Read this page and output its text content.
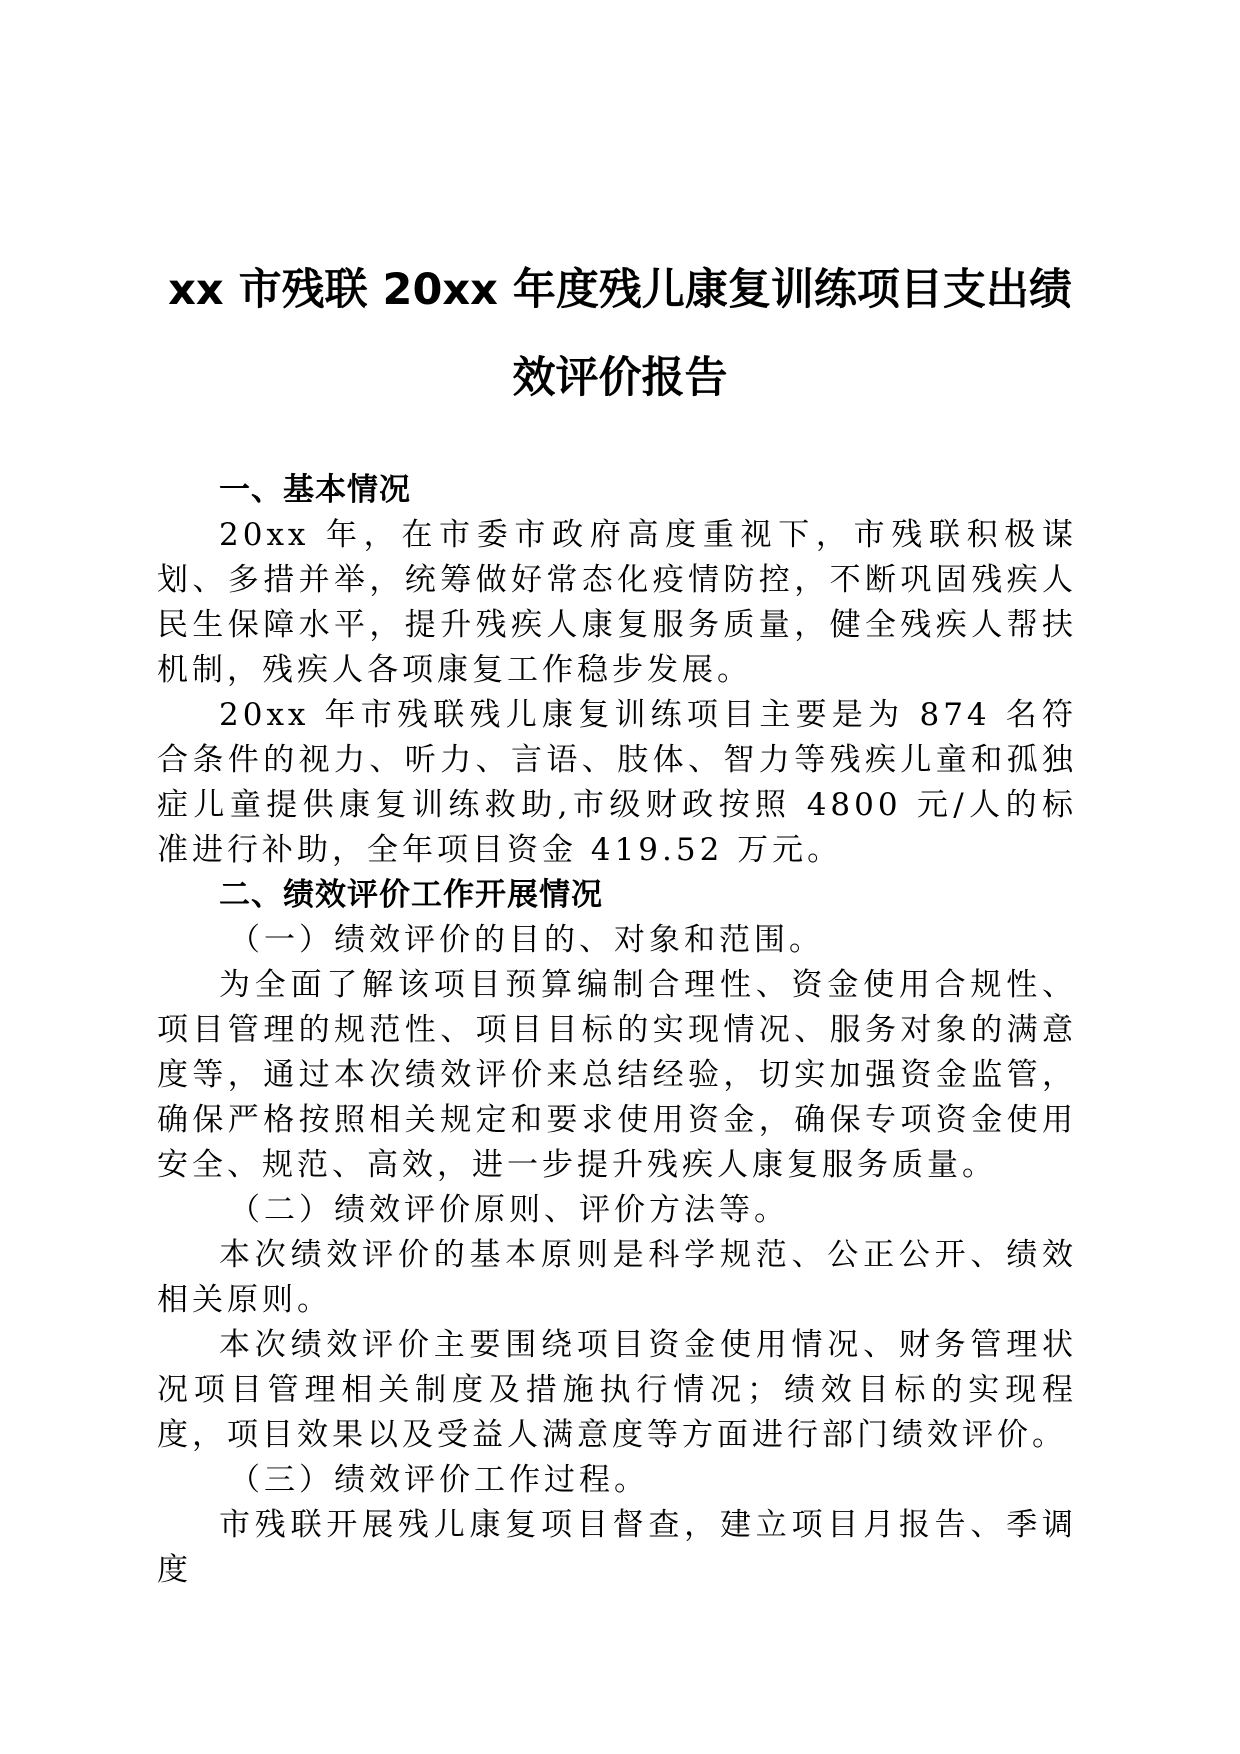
xx 市残联 20xx 年度残儿康复训练项目支出绩
效评价报告

一、基本情况

20xx 年，在市委市政府高度重视下，市残联积极谋划、多措并举，统筹做好常态化疫情防控，不断巩固残疾人民生保障水平，提升残疾人康复服务质量，健全残疾人帮扶机制，残疾人各项康复工作稳步发展。

20xx 年市残联残儿康复训练项目主要是为 874 名符合条件的视力、听力、言语、肢体、智力等残疾儿童和孤独症儿童提供康复训练救助,市级财政按照 4800 元/人的标准进行补助，全年项目资金 419.52 万元。

二、绩效评价工作开展情况

（一）绩效评价的目的、对象和范围。

为全面了解该项目预算编制合理性、资金使用合规性、项目管理的规范性、项目目标的实现情况、服务对象的满意度等，通过本次绩效评价来总结经验，切实加强资金监管，确保严格按照相关规定和要求使用资金，确保专项资金使用安全、规范、高效，进一步提升残疾人康复服务质量。

（二）绩效评价原则、评价方法等。

本次绩效评价的基本原则是科学规范、公正公开、绩效相关原则。

本次绩效评价主要围绕项目资金使用情况、财务管理状况项目管理相关制度及措施执行情况；绩效目标的实现程度，项目效果以及受益人满意度等方面进行部门绩效评价。

（三）绩效评价工作过程。

市残联开展残儿康复项目督查，建立项目月报告、季调度
